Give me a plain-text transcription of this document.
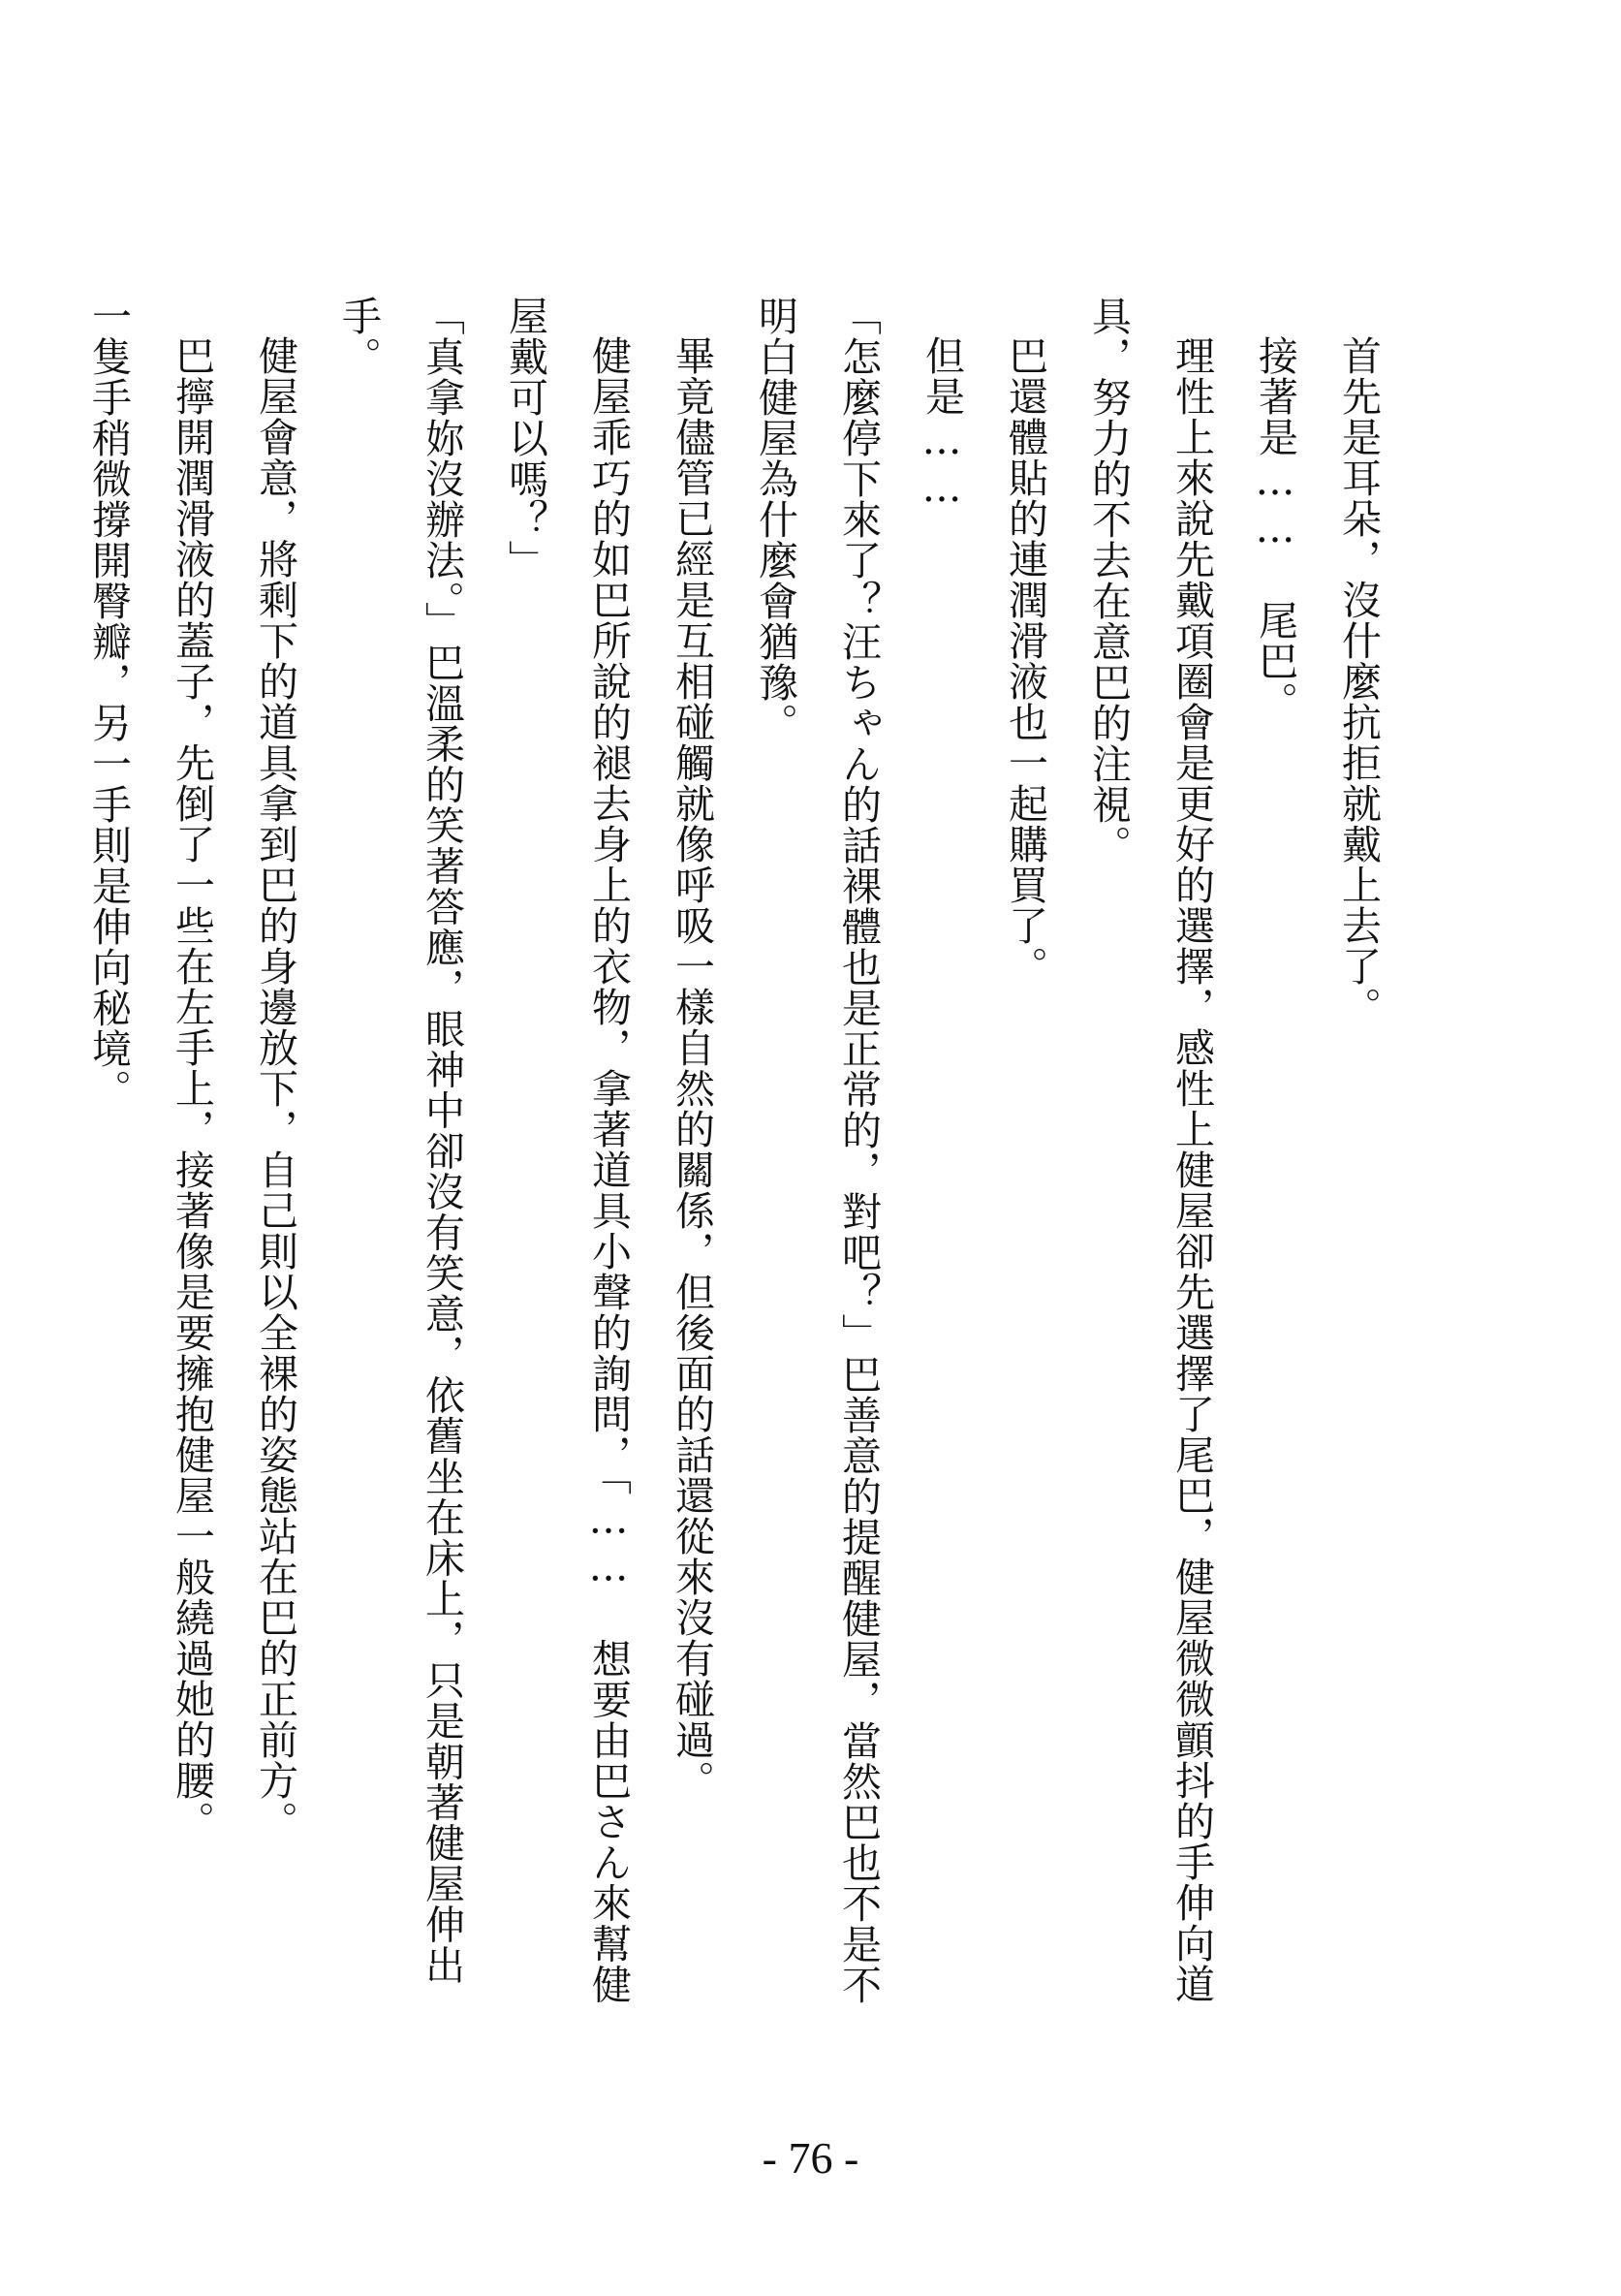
首先是耳朵，沒什麼抗拒就戴上去了。

接著是…… 尾巴。

理性上來說先戴項圈會是更好的選擇，感性上健屋卻先選擇了尾巴，健屋微微顫抖的手伸向道具，努力的不去在意巴的注視。

巴還體貼的連潤滑液也一起購買了。

但是……

「怎麼停下來了？汪ちゃん的話裸體也是正常的，對吧？」巴善意的提醒健屋，當然巴也不是不明白健屋為什麼會猶豫。

畢竟儘管已經是互相碰觸就像呼吸一樣自然的關係，但後面的話還從來沒有碰過。

健屋乖巧的如巴所說的褪去身上的衣物，拿著道具小聲的詢問，「…… 想要由巴さん來幫健屋戴可以嗎？」

「真拿妳沒辦法。」巴溫柔的笑著答應，眼神中卻沒有笑意，依舊坐在床上，只是朝著健屋伸出手。

健屋會意，將剩下的道具拿到巴的身邊放下，自己則以全裸的姿態站在巴的正前方。

巴擰開潤滑液的蓋子，先倒了一些在左手上，接著像是要擁抱健屋一般繞過她的腰。

一隻手稍微撐開臀瓣，另一手則是伸向秘境。

- 76 -
